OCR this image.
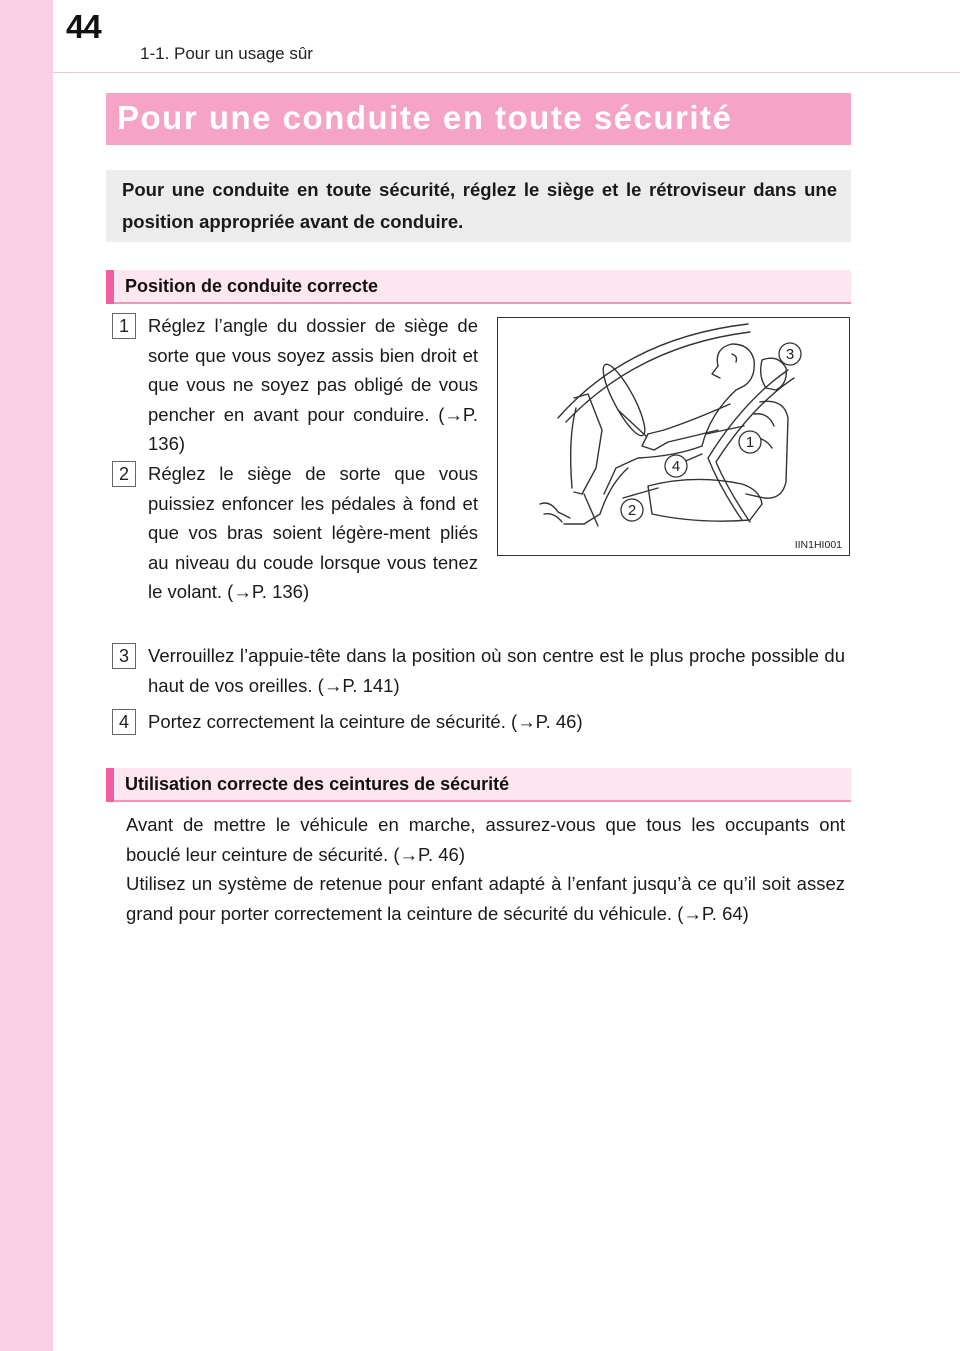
44
1-1. Pour un usage sûr
Pour une conduite en toute sécurité

Pour une conduite en toute sécurité, réglez le siège et le rétroviseur dans une position appropriée avant de conduire.

Position de conduite correcte
1	Réglez l’angle du dossier de siège de sorte que vous soyez assis bien droit et que vous ne soyez pas obligé de vous pencher en avant pour conduire. (→P. 136)

2	Réglez le siège de sorte que vous puissiez enfoncer les pédales à fond et que vos bras soient légère-ment pliés au niveau du coude lorsque vous tenez le volant. (→P. 136)

3	Verrouillez l’appuie-tête dans la position où son centre est le plus proche possible du haut de vos oreilles. (→P. 141)

4	Portez correctement la ceinture de sécurité. (→P. 46)

1
2
3
4
IIN1HI001
Utilisation correcte des ceintures de sécurité

Avant de mettre le véhicule en marche, assurez-vous que tous les occupants ont bouclé leur ceinture de sécurité. (→P. 46)

Utilisez un système de retenue pour enfant adapté à l’enfant jusqu’à ce qu’il soit assez grand pour porter correctement la ceinture de sécurité du véhicule. (→P. 64)
